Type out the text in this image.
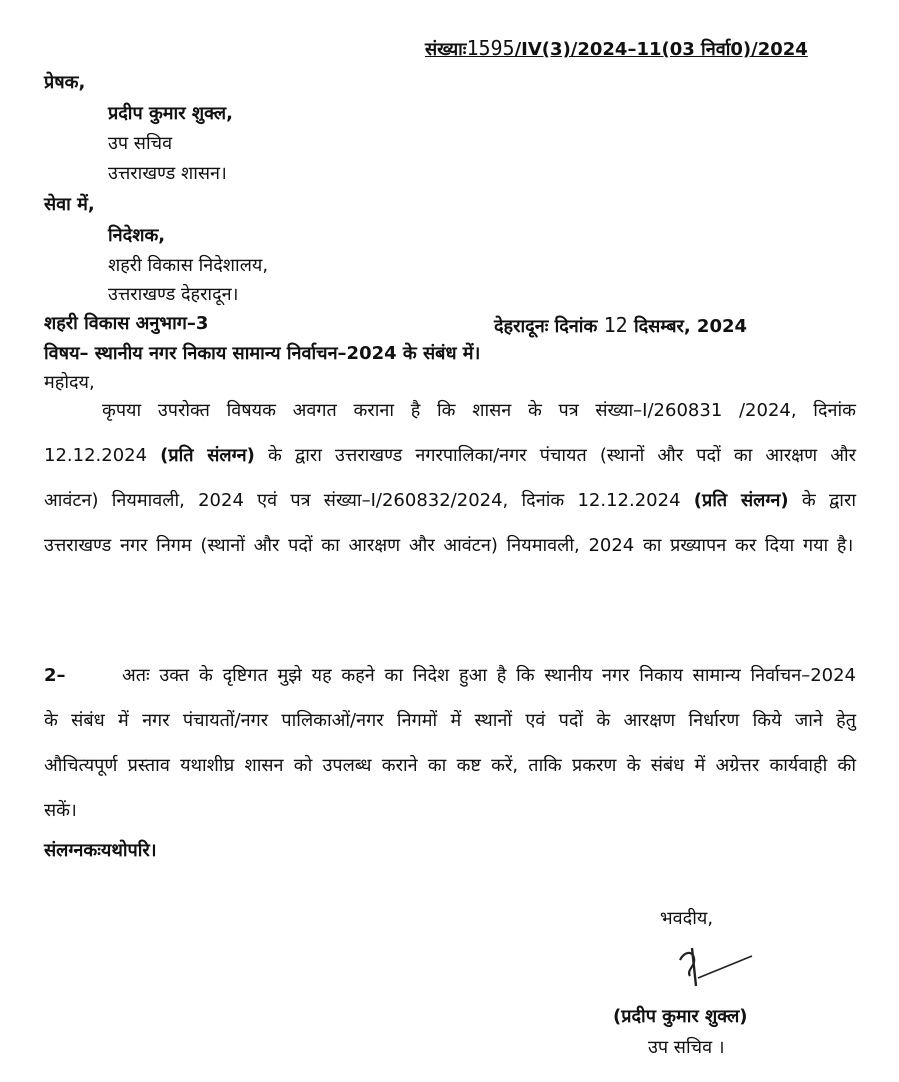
संख्याः1595/IV(3)/2024–11(03 निर्वा0)/2024
प्रेषक,
प्रदीप कुमार शुक्ल,
उप सचिव
उत्तराखण्ड शासन।
सेवा में,
निदेशक,
शहरी विकास निदेशालय,
उत्तराखण्ड देहरादून।
शहरी विकास अनुभाग–3	देहरादूनः दिनांक 12 दिसम्बर, 2024
विषय– स्थानीय नगर निकाय सामान्य निर्वाचन–2024 के संबंध में।
महोदय,
कृपया उपरोक्त विषयक अवगत कराना है कि शासन के पत्र संख्या–I/260831 /2024, दिनांक 12.12.2024 (प्रति संलग्न) के द्वारा उत्तराखण्ड नगरपालिका/नगर पंचायत (स्थानों और पदों का आरक्षण और आवंटन) नियमावली, 2024 एवं पत्र संख्या–I/260832/2024, दिनांक 12.12.2024 (प्रति संलग्न) के द्वारा उत्तराखण्ड नगर निगम (स्थानों और पदों का आरक्षण और आवंटन) नियमावली, 2024 का प्रख्यापन कर दिया गया है।
2–	अतः उक्त के दृष्टिगत मुझे यह कहने का निदेश हुआ है कि स्थानीय नगर निकाय सामान्य निर्वाचन–2024 के संबंध में नगर पंचायतों/नगर पालिकाओं/नगर निगमों में स्थानों एवं पदों के आरक्षण निर्धारण किये जाने हेतु औचित्यपूर्ण प्रस्ताव यथाशीघ्र शासन को उपलब्ध कराने का कष्ट करें, ताकि प्रकरण के संबंध में अग्रेत्तर कार्यवाही की सकें।
संलग्नकःयथोपरि।
भवदीय,
(प्रदीप कुमार शुक्ल)
उप सचिव ।
